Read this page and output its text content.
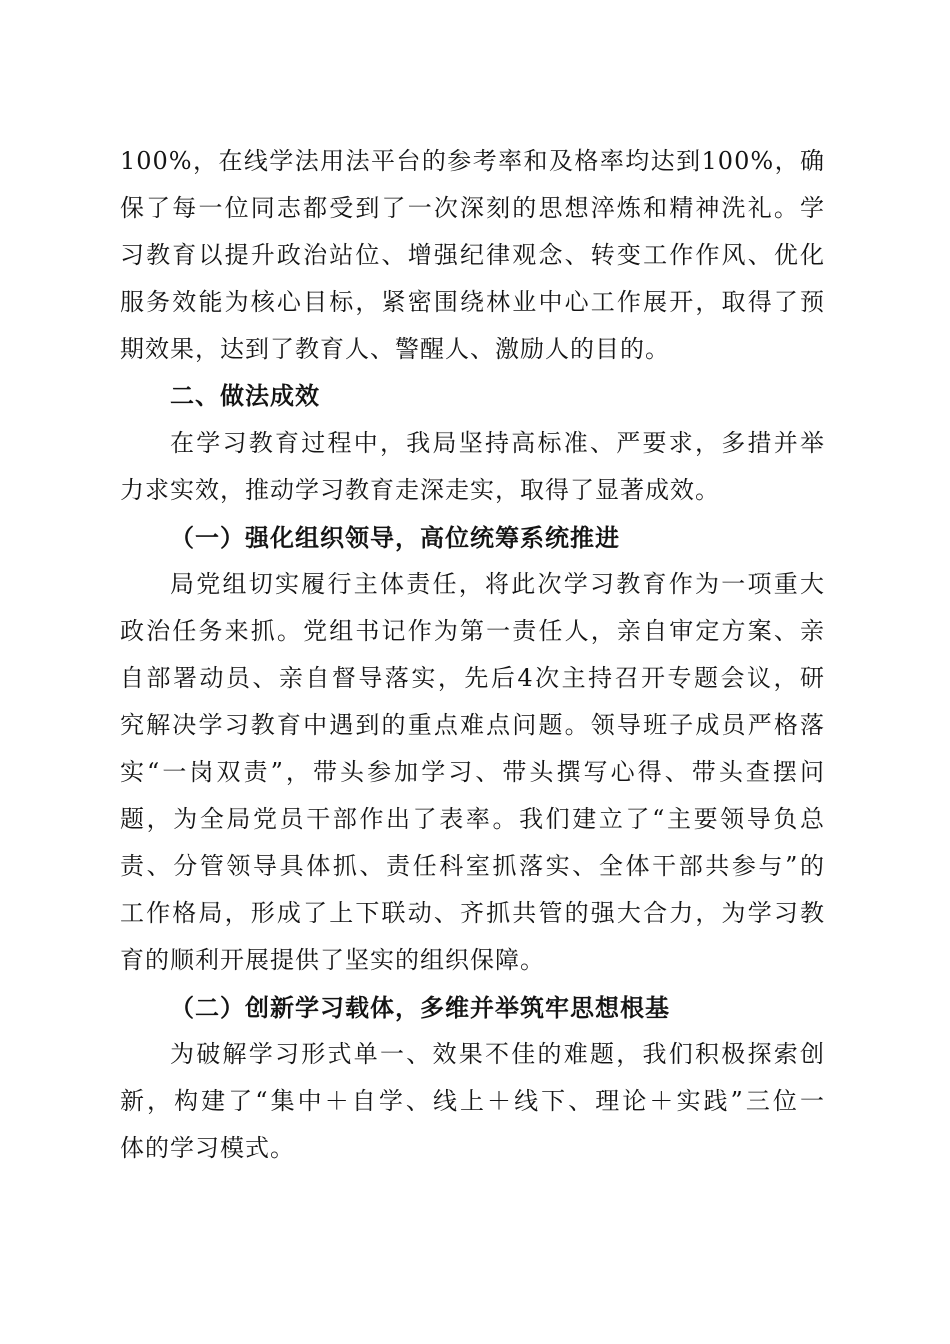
100%，在线学法用法平台的参考率和及格率均达到100%，确
保了每一位同志都受到了一次深刻的思想淬炼和精神洗礼。学
习教育以提升政治站位、增强纪律观念、转变工作作风、优化
服务效能为核心目标，紧密围绕林业中心工作展开，取得了预
期效果，达到了教育人、警醒人、激励人的目的。
二、做法成效
在学习教育过程中，我局坚持高标准、严要求，多措并举
力求实效，推动学习教育走深走实，取得了显著成效。
（一）强化组织领导，高位统筹系统推进
局党组切实履行主体责任，将此次学习教育作为一项重大
政治任务来抓。党组书记作为第一责任人，亲自审定方案、亲
自部署动员、亲自督导落实，先后4次主持召开专题会议，研
究解决学习教育中遇到的重点难点问题。领导班子成员严格落
实“一岗双责”，带头参加学习、带头撰写心得、带头查摆问
题，为全局党员干部作出了表率。我们建立了“主要领导负总
责、分管领导具体抓、责任科室抓落实、全体干部共参与”的
工作格局，形成了上下联动、齐抓共管的强大合力，为学习教
育的顺利开展提供了坚实的组织保障。
（二）创新学习载体，多维并举筑牢思想根基
为破解学习形式单一、效果不佳的难题，我们积极探索创
新，构建了“集中＋自学、线上＋线下、理论＋实践”三位一
体的学习模式。
